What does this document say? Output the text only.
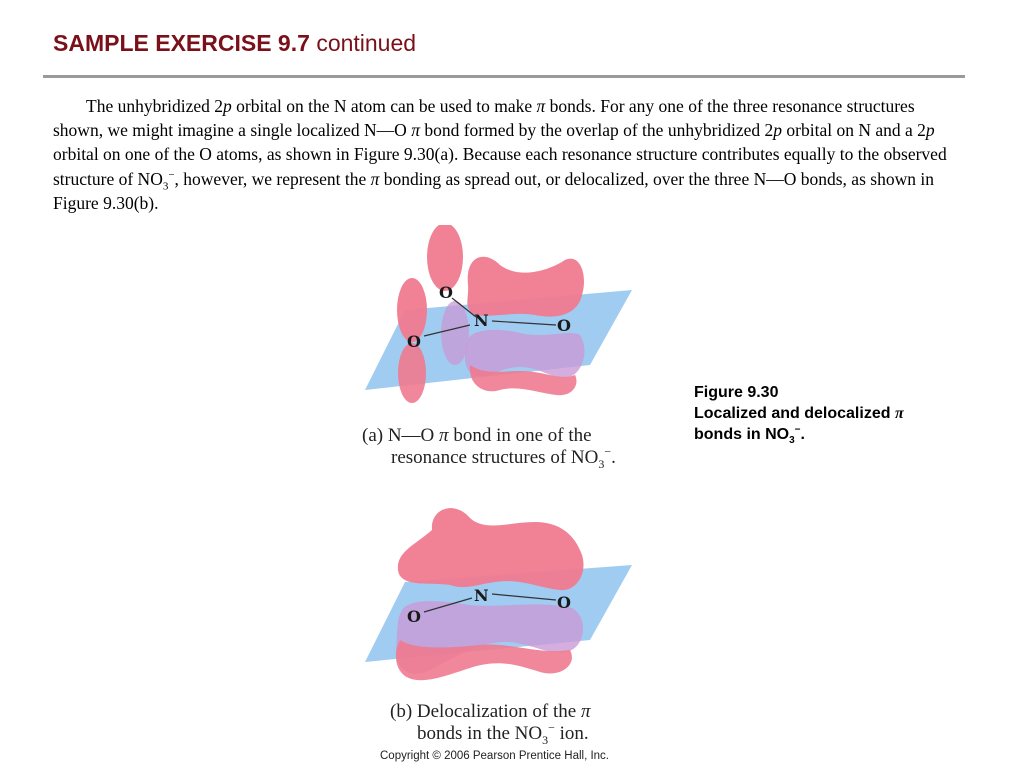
SAMPLE EXERCISE 9.7 continued

The unhybridized 2p orbital on the N atom can be used to make π bonds. For any one of the three resonance structures shown, we might imagine a single localized N—O π bond formed by the overlap of the unhybridized 2p orbital on N and a 2p orbital on one of the O atoms, as shown in Figure 9.30(a). Because each resonance structure contributes equally to the observed structure of $NO_3^-$, however, we represent the π bonding as spread out, or delocalized, over the three N—O bonds, as shown in Figure 9.30(b).

O
N	O
O
(a) N—O π bond in one of the
resonance structures of $NO_3^-$.
N	O
O
(b) Delocalization of the π
bonds in the $NO_3^-$ ion.
Figure 9.30
Localized and delocalized π
bonds in $NO_3^-$.
Copyright © 2006 Pearson Prentice Hall, Inc.
